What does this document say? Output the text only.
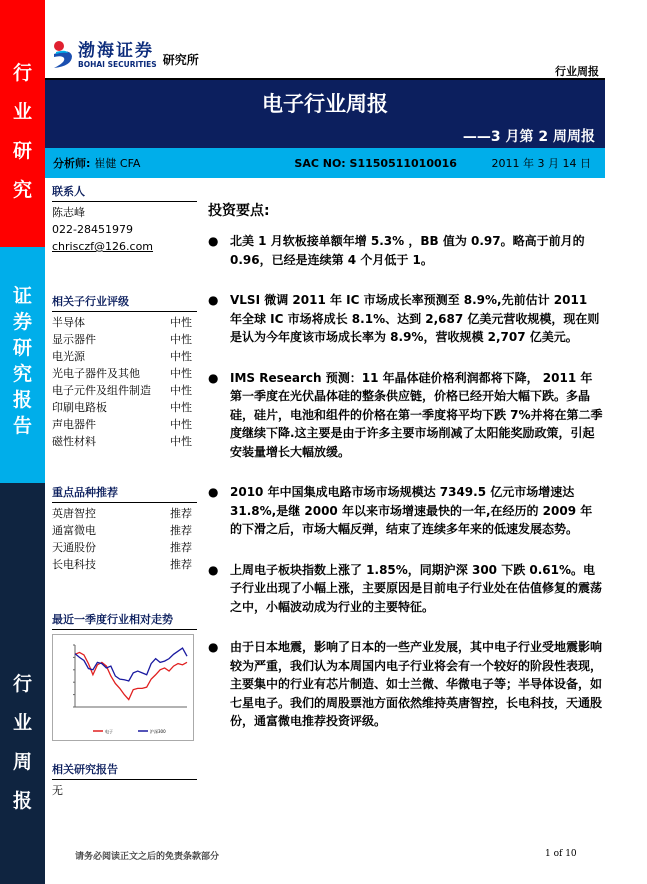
行
业
研
究
证
券
研
究
报
告
行
业
周
报
渤海证券
BOHAI SECURITIES 研究所
行业周报
电子行业周报
——3 月第 2 周周报
分析师: 崔健 CFA	SAC NO: S1150511010016	2011 年 3 月 14 日
联系人
陈志峰
022-28451979
chrisczf@126.com
相关子行业评级
半导体	中性
显示器件	中性
电光源	中性
光电子器件及其他	中性
电子元件及组件制造 中性
印刷电路板	中性
声电器件	中性
磁性材料	中性
重点品种推荐
英唐智控	推荐
通富微电	推荐
天通股份	推荐
长电科技	推荐
最近一季度行业相对走势
电子	沪深300
相关研究报告
无
投资要点:
● 北美 1 月软板接单额年增 5.3% ，BB 值为 0.97。略高于前月的 0.96，已经是连续第 4 个月低于 1。
● VLSI 微调 2011 年 IC 市场成长率预测至 8.9%,先前估计 2011 年全球 IC 市场将成长 8.1%、达到 2,687 亿美元营收规模，现在则是认为今年度该市场成长率为 8.9%，营收规模 2,707 亿美元。
● IMS Research 预测：11 年晶体硅价格利润都将下降， 2011 年第一季度在光伏晶体硅的整条供应链，价格已经开始大幅下跌。多晶硅，硅片，电池和组件的价格在第一季度将平均下跌 7%并将在第二季度继续下降.这主要是由于许多主要市场削减了太阳能奖励政策，引起安装量增长大幅放缓。
● 2010 年中国集成电路市场市场规模达 7349.5 亿元市场增速达 31.8%,是继 2000 年以来市场增速最快的一年,在经历的 2009 年的下滑之后，市场大幅反弹，结束了连续多年来的低速发展态势。
● 上周电子板块指数上涨了 1.85%，同期沪深 300 下跌 0.61%。电子行业出现了小幅上涨，主要原因是目前电子行业处在估值修复的震荡之中，小幅波动成为行业的主要特征。
● 由于日本地震，影响了日本的一些产业发展，其中电子行业受地震影响较为严重，我们认为本周国内电子行业将会有一个较好的阶段性表现，主要集中的行业有芯片制造、如士兰微、华微电子等；半导体设备，如七星电子。我们的周股票池方面依然维持英唐智控，长电科技，天通股份，通富微电推荐投资评级。
请务必阅读正文之后的免责条款部分	1 of 10
